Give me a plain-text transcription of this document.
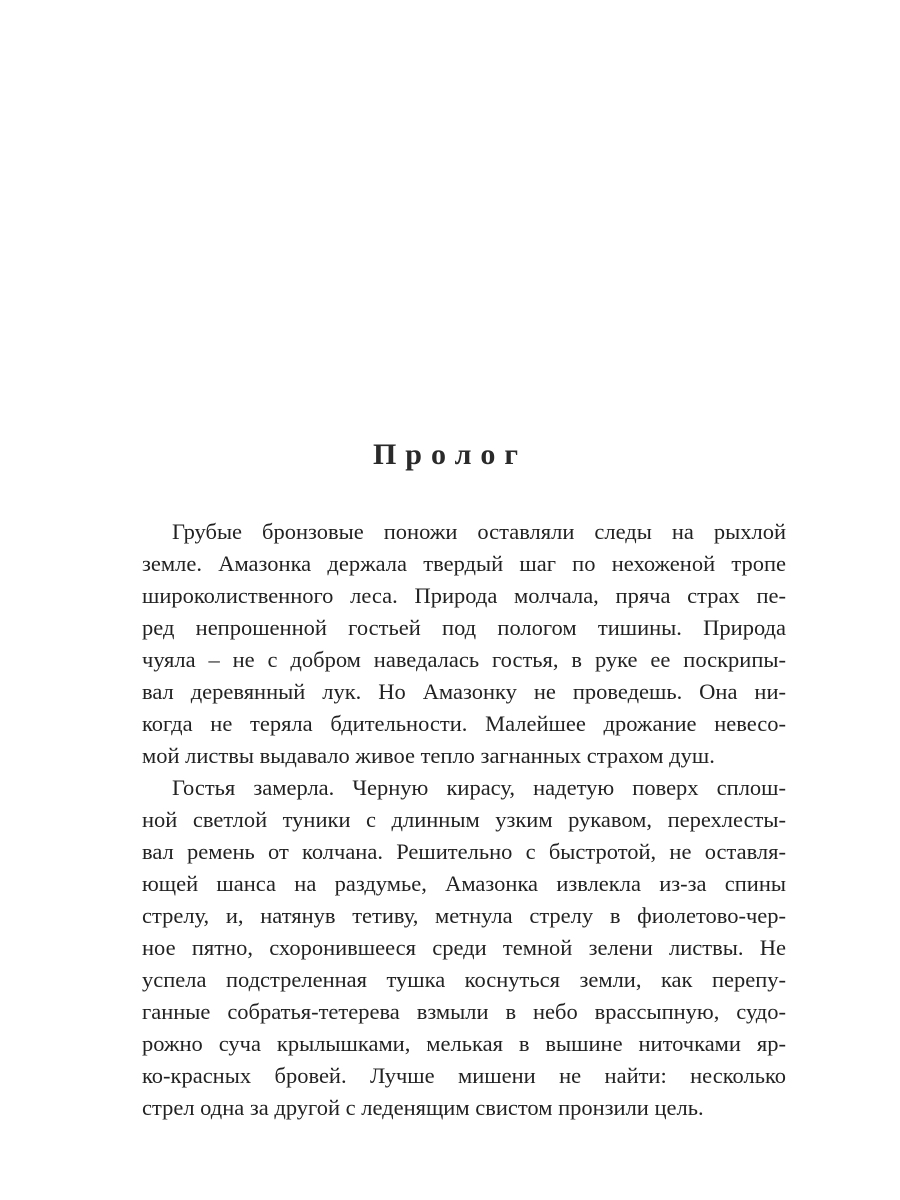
Пролог
Грубые бронзовые поножи оставляли следы на рыхлой
земле. Амазонка держала твердый шаг по нехоженой тропе
широколиственного леса. Природа молчала, пряча страх пе-
ред непрошенной гостьей под пологом тишины. Природа
чуяла – не с добром наведалась гостья, в руке ее поскрипы-
вал деревянный лук. Но Амазонку не проведешь. Она ни-
когда не теряла бдительности. Малейшее дрожание невесо-
мой листвы выдавало живое тепло загнанных страхом душ.
Гостья замерла. Черную кирасу, надетую поверх сплош-
ной светлой туники с длинным узким рукавом, перехлесты-
вал ремень от колчана. Решительно с быстротой, не оставля-
ющей шанса на раздумье, Амазонка извлекла из-за спины
стрелу, и, натянув тетиву, метнула стрелу в фиолетово-чер-
ное пятно, схоронившееся среди темной зелени листвы. Не
успела подстреленная тушка коснуться земли, как перепу-
ганные собратья-тетерева взмыли в небо врассыпную, судо-
рожно суча крылышками, мелькая в вышине ниточками яр-
ко-красных бровей. Лучше мишени не найти: несколько
стрел одна за другой с леденящим свистом пронзили цель.
